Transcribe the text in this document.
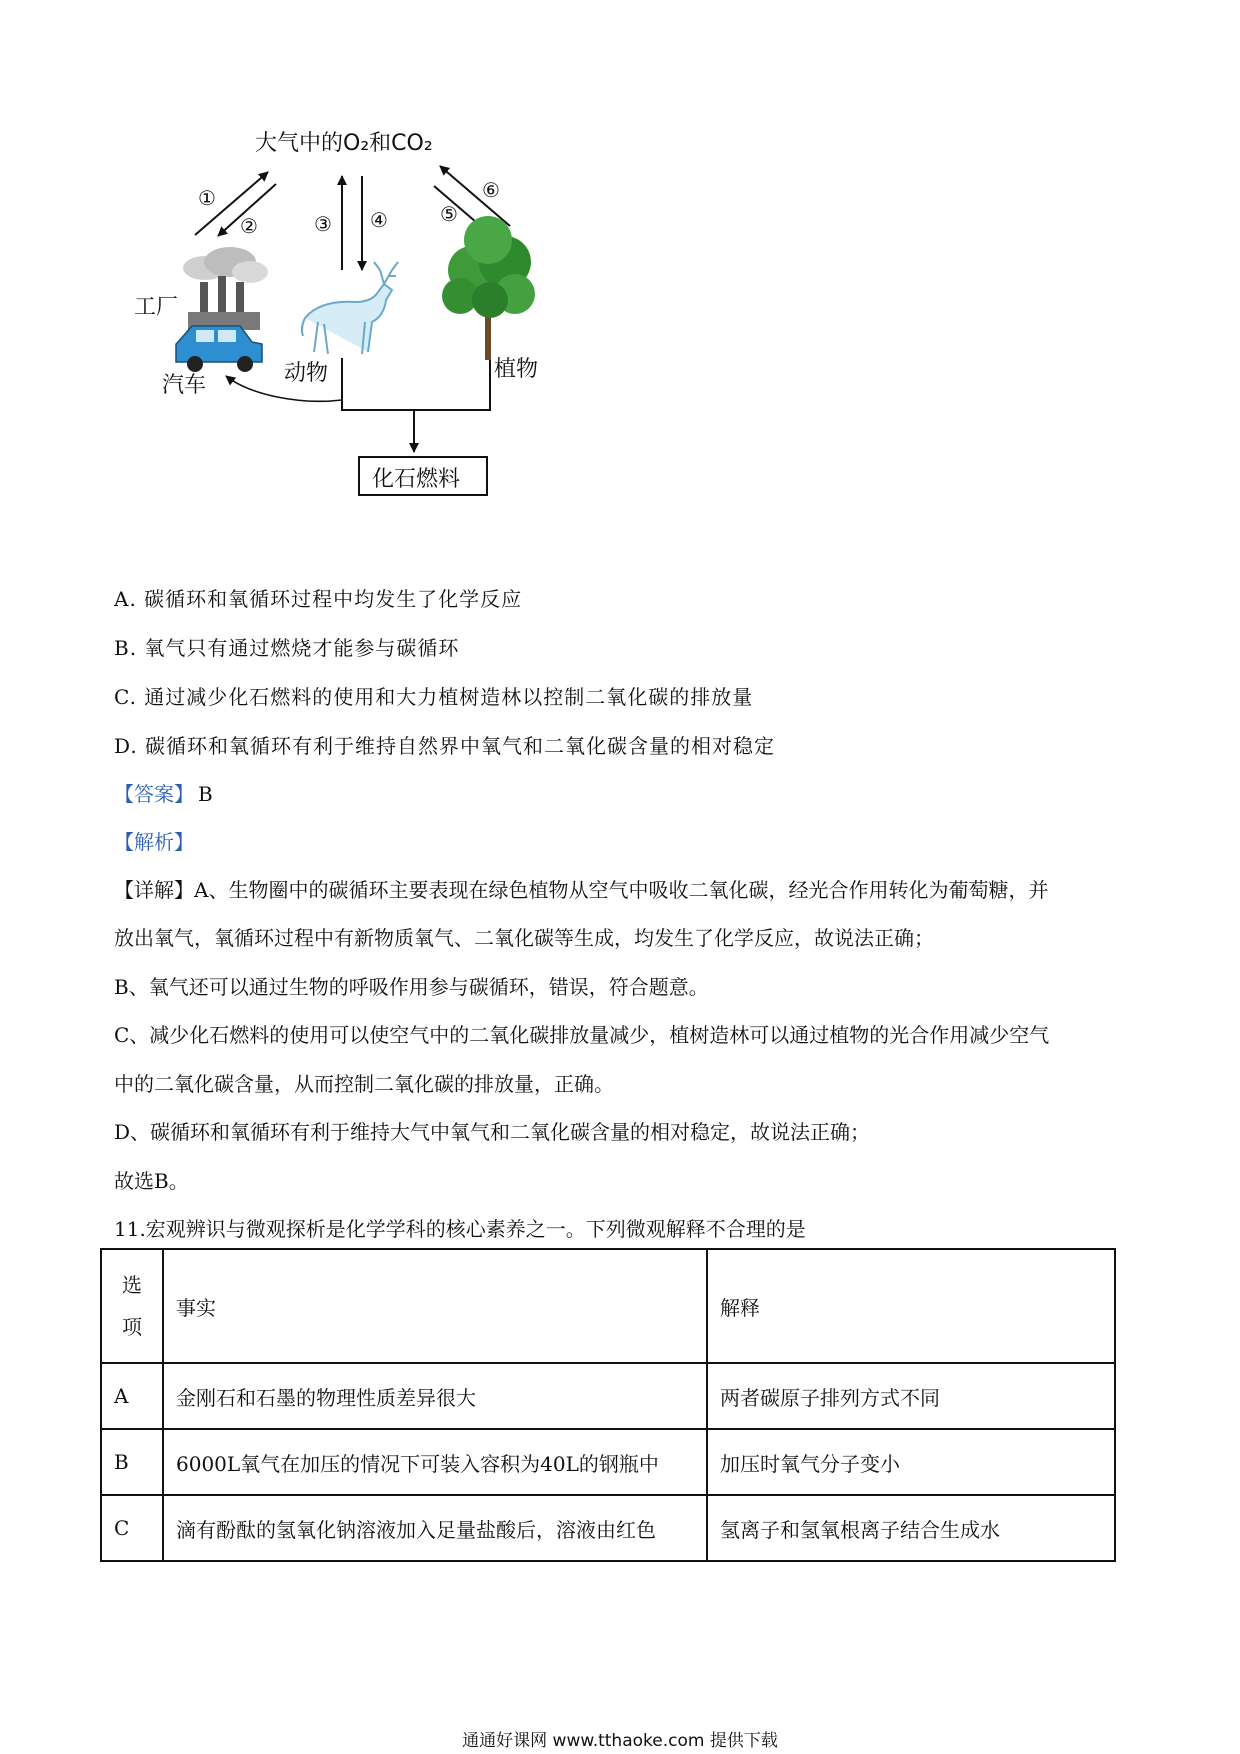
大气中的O₂和CO₂
①
②	③ ④	⑤
⑥
工厂
汽车	动物	植物
化石燃料
A. 碳循环和氧循环过程中均发生了化学反应
B. 氧气只有通过燃烧才能参与碳循环
C. 通过减少化石燃料的使用和大力植树造林以控制二氧化碳的排放量
D. 碳循环和氧循环有利于维持自然界中氧气和二氧化碳含量的相对稳定
【答案】 B
【解析】
【详解】A、生物圈中的碳循环主要表现在绿色植物从空气中吸收二氧化碳，经光合作用转化为葡萄糖，并
放出氧气，氧循环过程中有新物质氧气、二氧化碳等生成，均发生了化学反应，故说法正确；
B、氧气还可以通过生物的呼吸作用参与碳循环，错误，符合题意。
C、减少化石燃料的使用可以使空气中的二氧化碳排放量减少，植树造林可以通过植物的光合作用减少空气
中的二氧化碳含量，从而控制二氧化碳的排放量，正确。
D、碳循环和氧循环有利于维持大气中氧气和二氧化碳含量的相对稳定，故说法正确；
故选B。
11.宏观辨识与微观探析是化学学科的核心素养之一。下列微观解释不合理的是
选
项	事实	解释
A	金刚石和石墨的物理性质差异很大	两者碳原子排列方式不同
B	6000L氧气在加压的情况下可装入容积为40L的钢瓶中	加压时氧气分子变小
C	滴有酚酞的氢氧化钠溶液加入足量盐酸后，溶液由红色	氢离子和氢氧根离子结合生成水
通通好课网 www.tthaoke.com 提供下载
